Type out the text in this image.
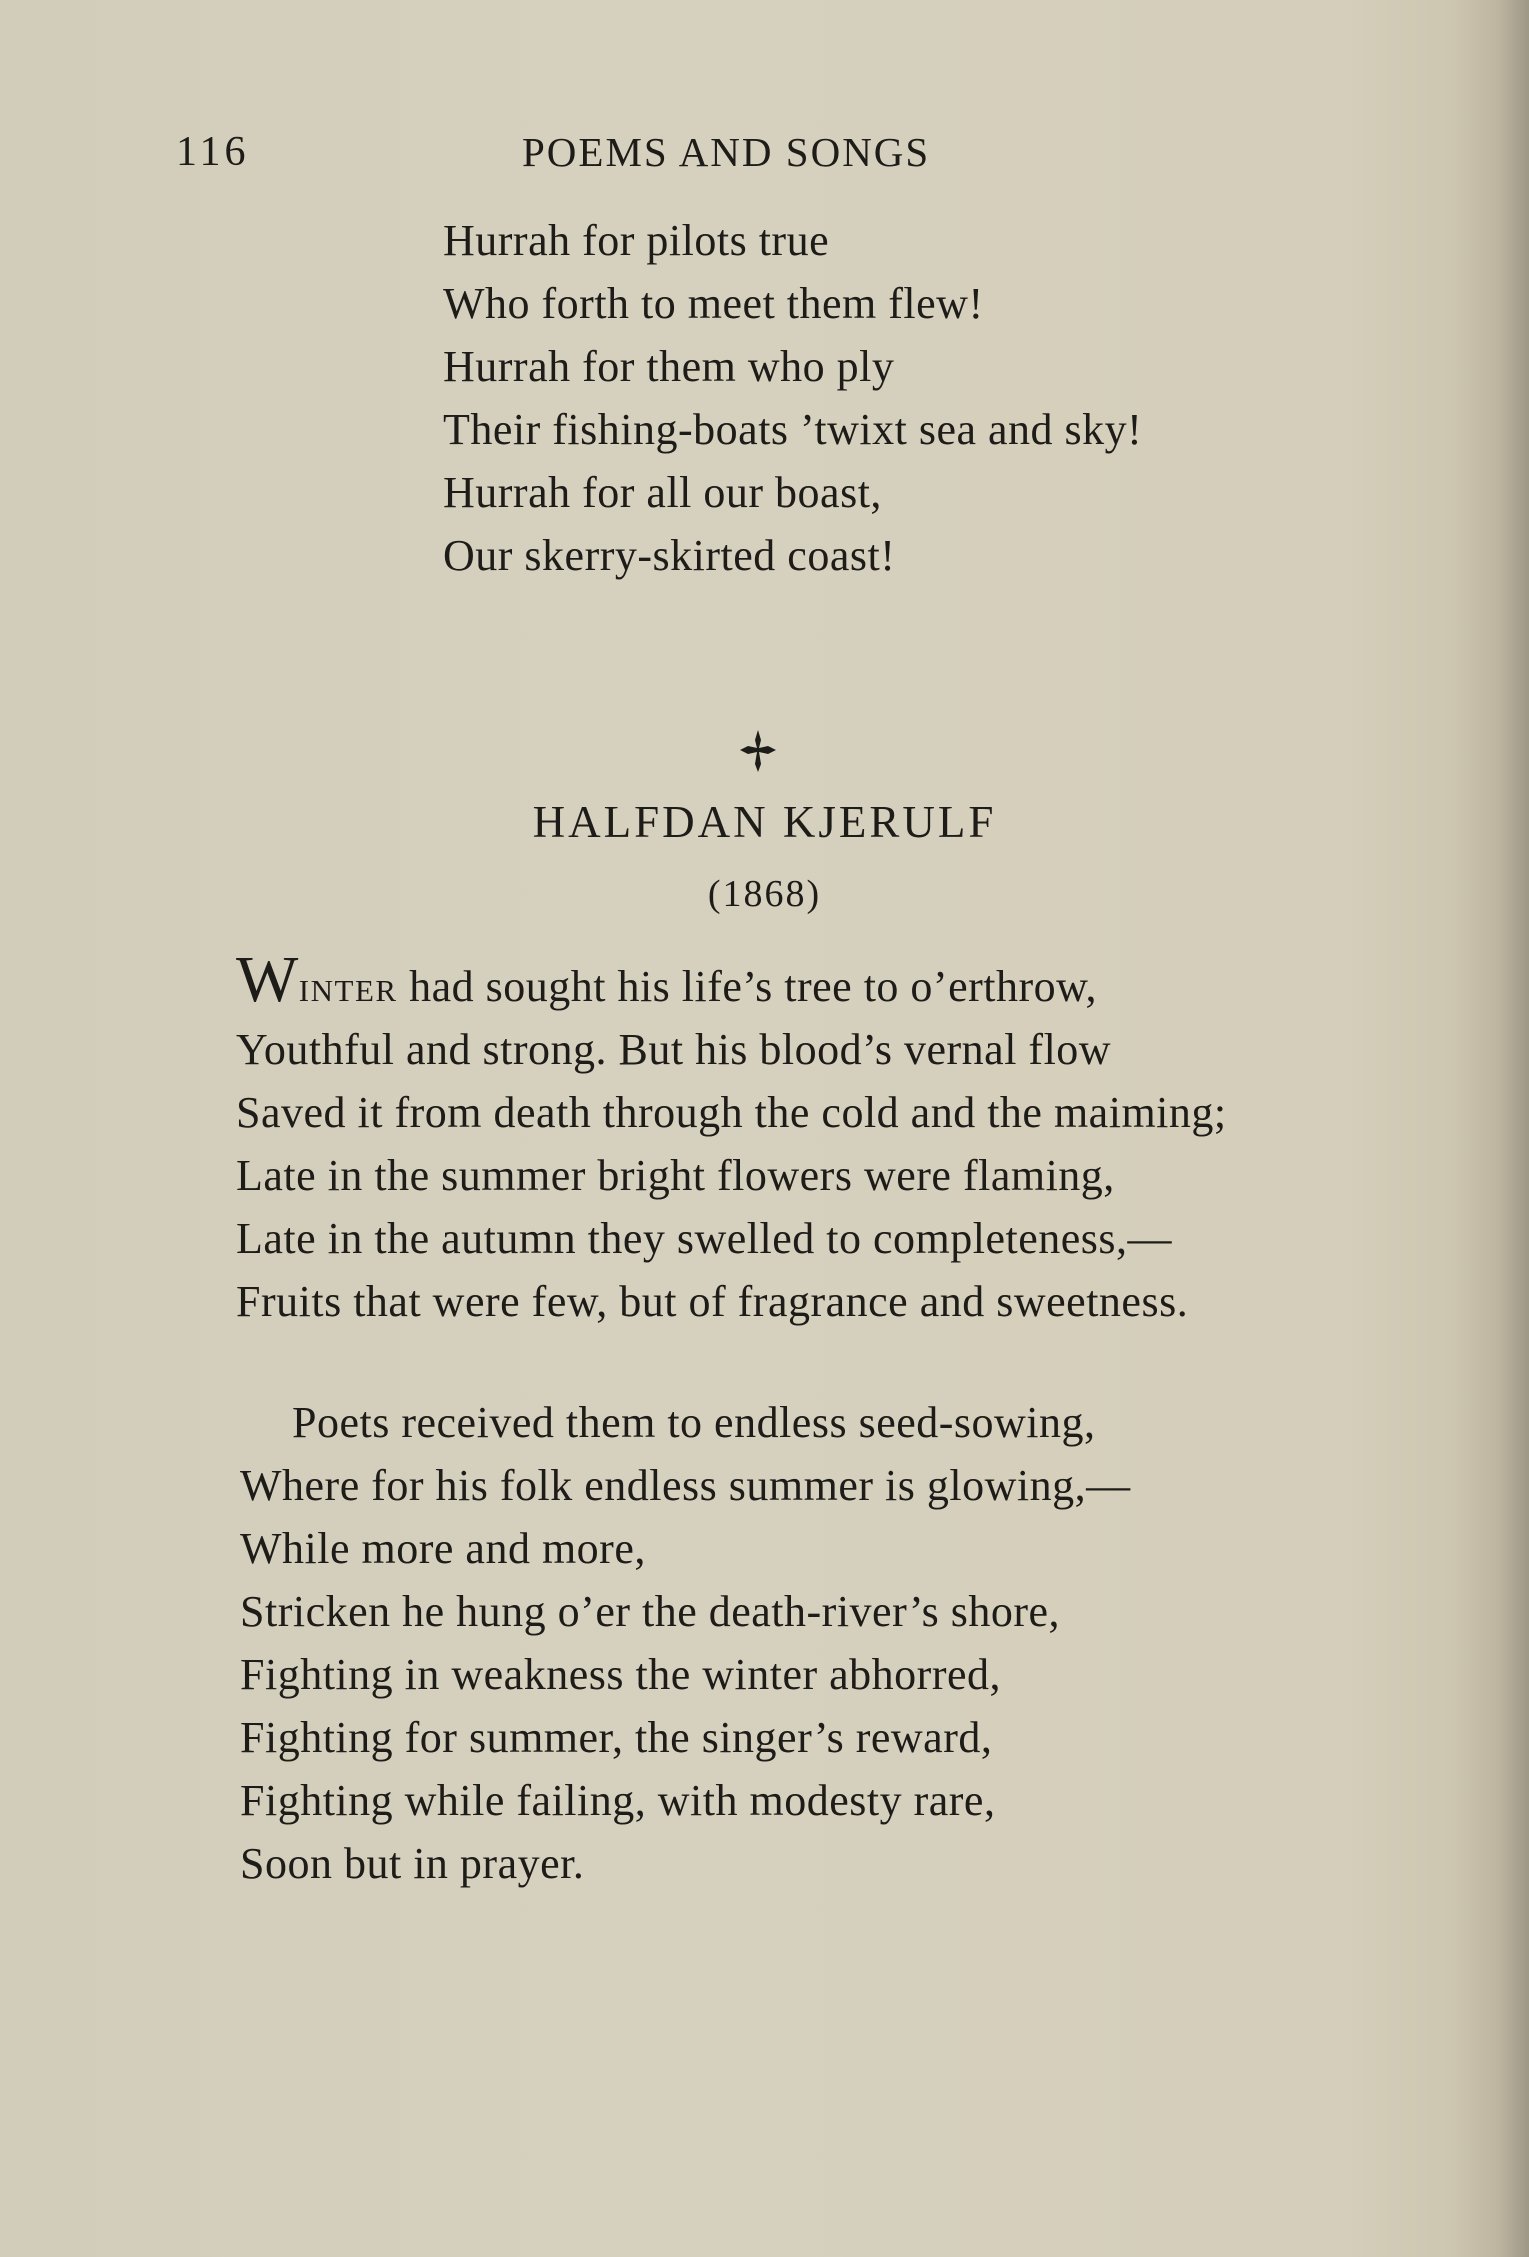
116	POEMS AND SONGS
Hurrah for pilots true
Who forth to meet them flew!
Hurrah for them who ply
Their fishing-boats ’twixt sea and sky!
Hurrah for all our boast,
Our skerry-skirted coast!
HALFDAN KJERULF
(1868)
Winter had sought his life’s tree to o’erthrow,
Youthful and strong. But his blood’s vernal flow
Saved it from death through the cold and the maiming;
Late in the summer bright flowers were flaming,
Late in the autumn they swelled to completeness,—
Fruits that were few, but of fragrance and sweetness.
Poets received them to endless seed-sowing,
Where for his folk endless summer is glowing,—
While more and more,
Stricken he hung o’er the death-river’s shore,
Fighting in weakness the winter abhorred,
Fighting for summer, the singer’s reward,
Fighting while failing, with modesty rare,
Soon but in prayer.
